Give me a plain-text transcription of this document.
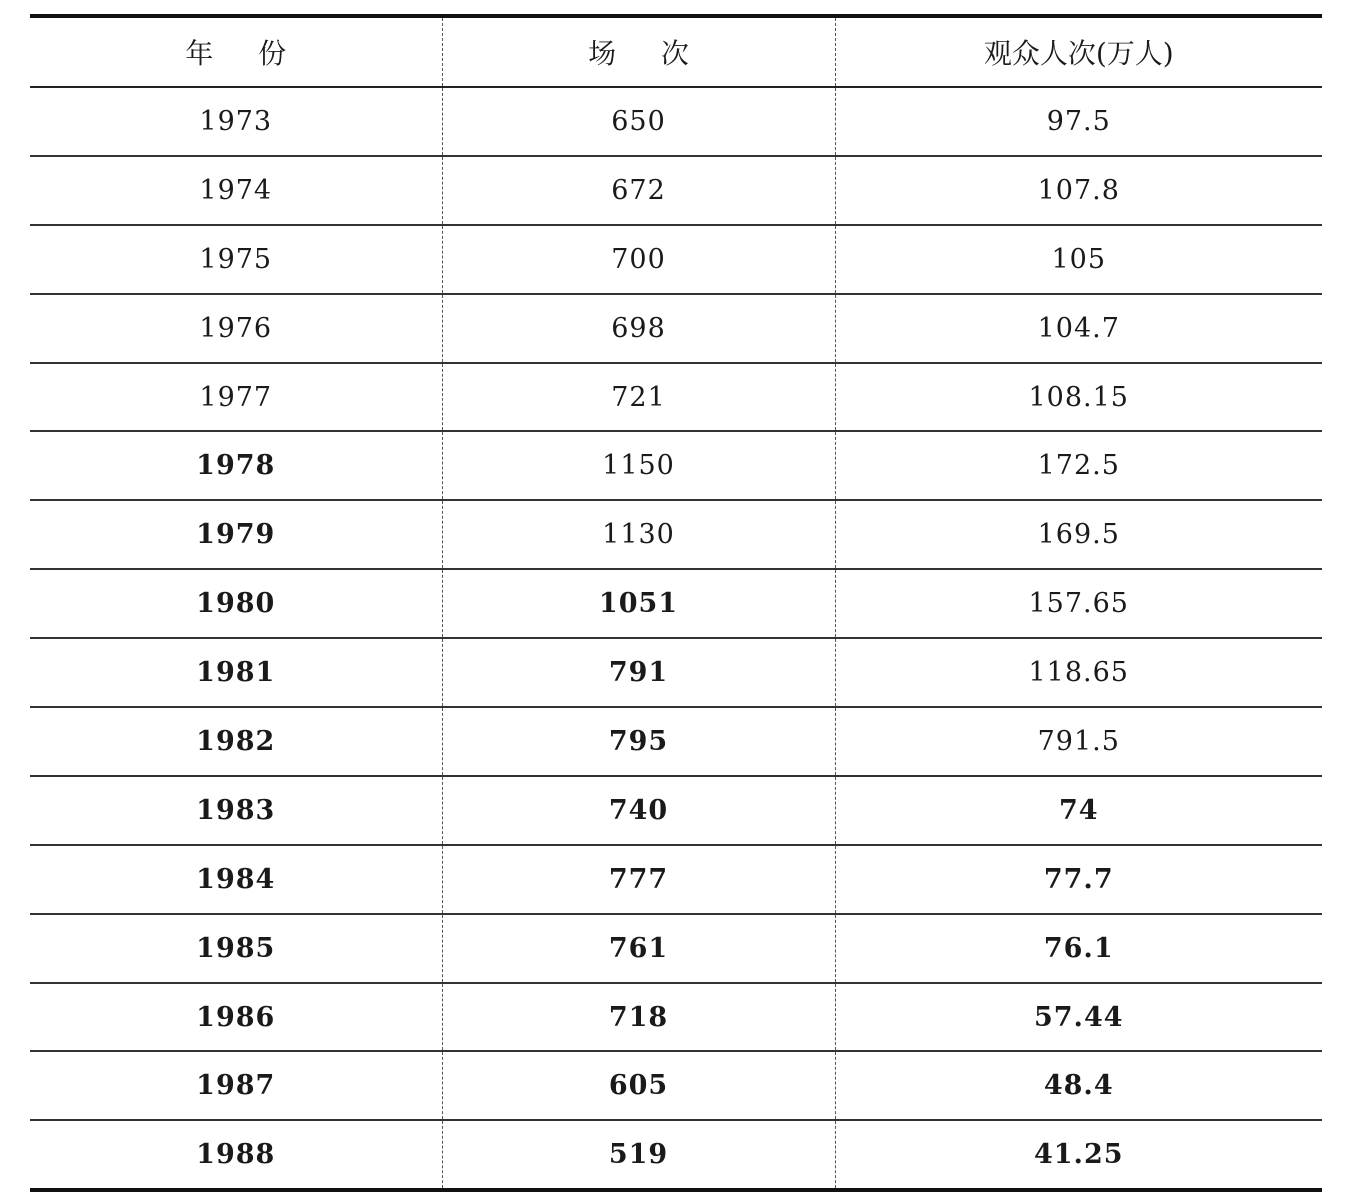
年份	场次	观众人次(万人)
1973	650	97.5
1974	672	107.8
1975	700	105
1976	698	104.7
1977	721	108.15
1978	1150	172.5
1979	1130	169.5
1980	1051	157.65
1981	791	118.65
1982	795	791.5
1983	740	74
1984	777	77.7
1985	761	76.1
1986	718	57.44
1987	605	48.4
1988	519	41.25
